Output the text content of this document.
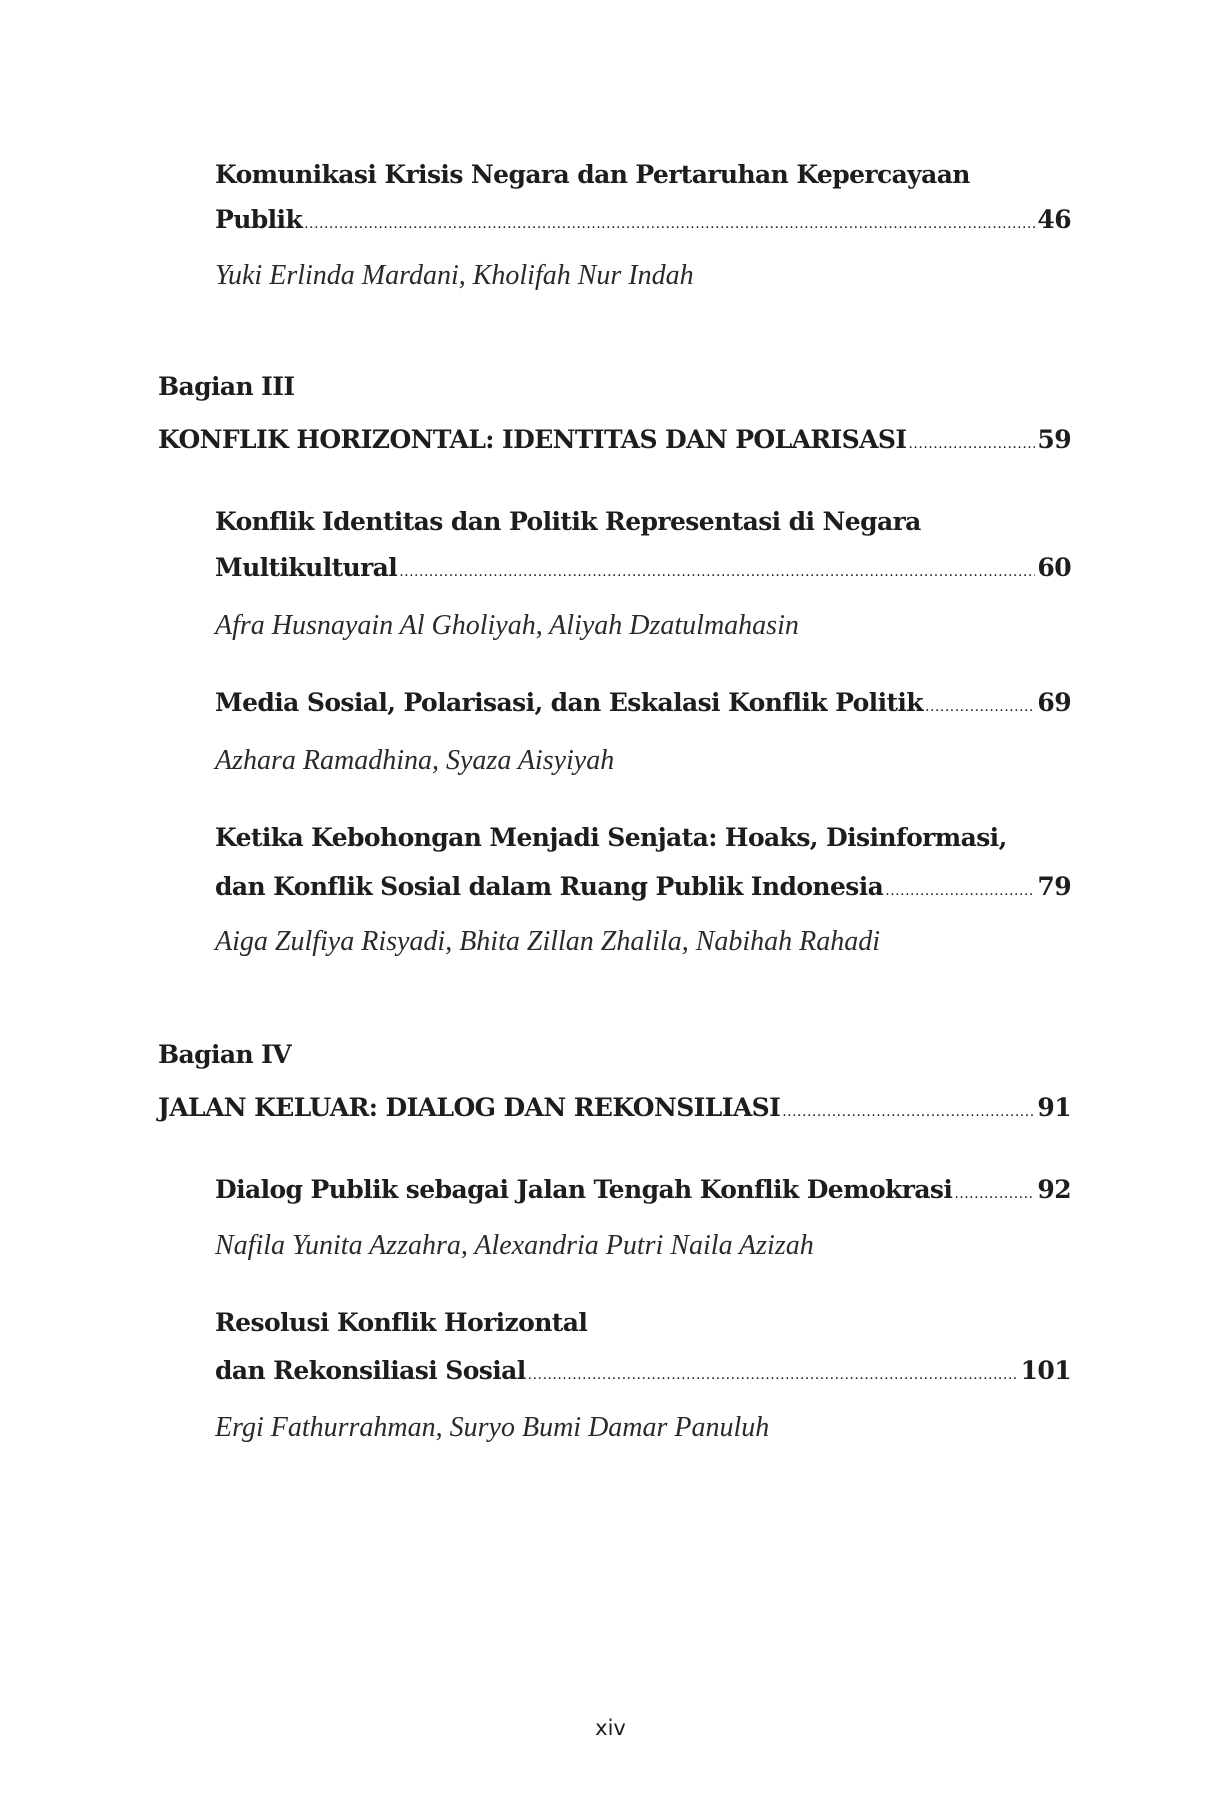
Komunikasi Krisis Negara dan Pertaruhan Kepercayaan
Publik .....	46
Yuki Erlinda Mardani, Kholifah Nur Indah
Bagian III
KONFLIK HORIZONTAL: IDENTITAS DAN POLARISASI .....	59
Konflik Identitas dan Politik Representasi di Negara
Multikultural .....	60
Afra Husnayain Al Gholiyah, Aliyah Dzatulmahasin
Media Sosial, Polarisasi, dan Eskalasi Konflik Politik .....	69
Azhara Ramadhina, Syaza Aisyiyah
Ketika Kebohongan Menjadi Senjata: Hoaks, Disinformasi,
dan Konflik Sosial dalam Ruang Publik Indonesia .....	79
Aiga Zulfiya Risyadi, Bhita Zillan Zhalila, Nabihah Rahadi
Bagian IV
JALAN KELUAR: DIALOG DAN REKONSILIASI .....	91
Dialog Publik sebagai Jalan Tengah Konflik Demokrasi .....	92
Nafila Yunita Azzahra, Alexandria Putri Naila Azizah
Resolusi Konflik Horizontal
dan Rekonsiliasi Sosial .....	101
Ergi Fathurrahman, Suryo Bumi Damar Panuluh
xiv
